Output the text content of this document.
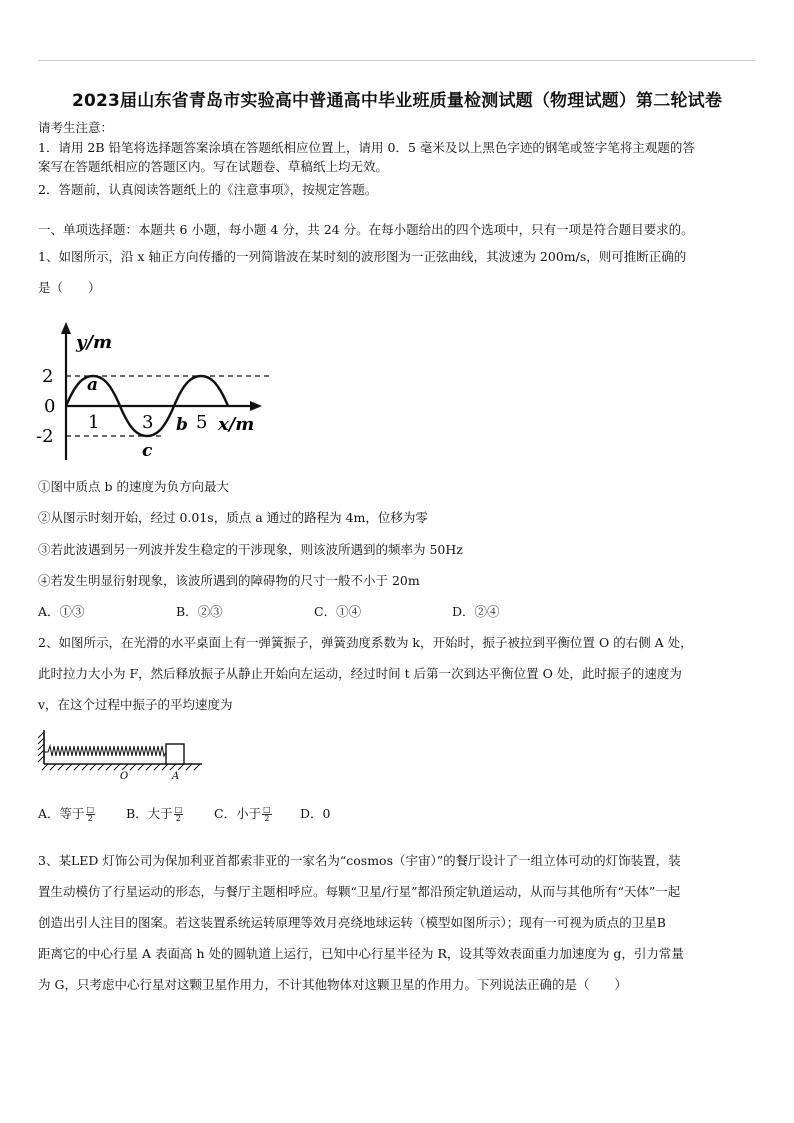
2023届山东省青岛市实验高中普通高中毕业班质量检测试题（物理试题）第二轮试卷
请考生注意：
1．请用 2B 铅笔将选择题答案涂填在答题纸相应位置上，请用 0．5 毫米及以上黑色字迹的钢笔或签字笔将主观题的答
案写在答题纸相应的答题区内。写在试题卷、草稿纸上均无效。
2．答题前，认真阅读答题纸上的《注意事项》，按规定答题。
一、单项选择题：本题共 6 小题，每小题 4 分，共 24 分。在每小题给出的四个选项中，只有一项是符合题目要求的。
1、如图所示，沿 x 轴正方向传播的一列简谐波在某时刻的波形图为一正弦曲线，其波速为 200m/s，则可推断正确的
是（　　）
2
0
-2
1 3 5
y/m
x/m
a
b
c
①图中质点 b 的速度为负方向最大
②从图示时刻开始，经过 0.01s，质点 a 通过的路程为 4m，位移为零
③若此波遇到另一列波并发生稳定的干涉现象，则该波所遇到的频率为 50Hz
④若发生明显衍射现象，该波所遇到的障碍物的尺寸一般不小于 20m
A．①③	B．②③	C．①④	D．②④
2、如图所示，在光滑的水平桌面上有一弹簧振子，弹簧劲度系数为 k，开始时，振子被拉到平衡位置 O 的右侧 A 处，
此时拉力大小为 F，然后释放振子从静止开始向左运动，经过时间 t 后第一次到达平衡位置 O 处，此时振子的速度为
v，在这个过程中振子的平均速度为
O	A
A．等于 $\frac{□}{2}$ B．大于 $\frac{□}{2}$ C．小于 $\frac{□}{2}$ D．0
3、某LED 灯饰公司为保加利亚首都索非亚的一家名为“cosmos（宇宙）”的餐厅设计了一组立体可动的灯饰装置，装
置生动模仿了行星运动的形态，与餐厅主题相呼应。每颗“卫星/行星”都沿预定轨道运动，从而与其他所有“天体”一起
创造出引人注目的图案。若这装置系统运转原理等效月亮绕地球运转（模型如图所示）；现有一可视为质点的卫星B
距离它的中心行星 A 表面高 h 处的圆轨道上运行，已知中心行星半径为 R，设其等效表面重力加速度为 g，引力常量
为 G，只考虑中心行星对这颗卫星作用力，不计其他物体对这颗卫星的作用力。下列说法正确的是（　　）
